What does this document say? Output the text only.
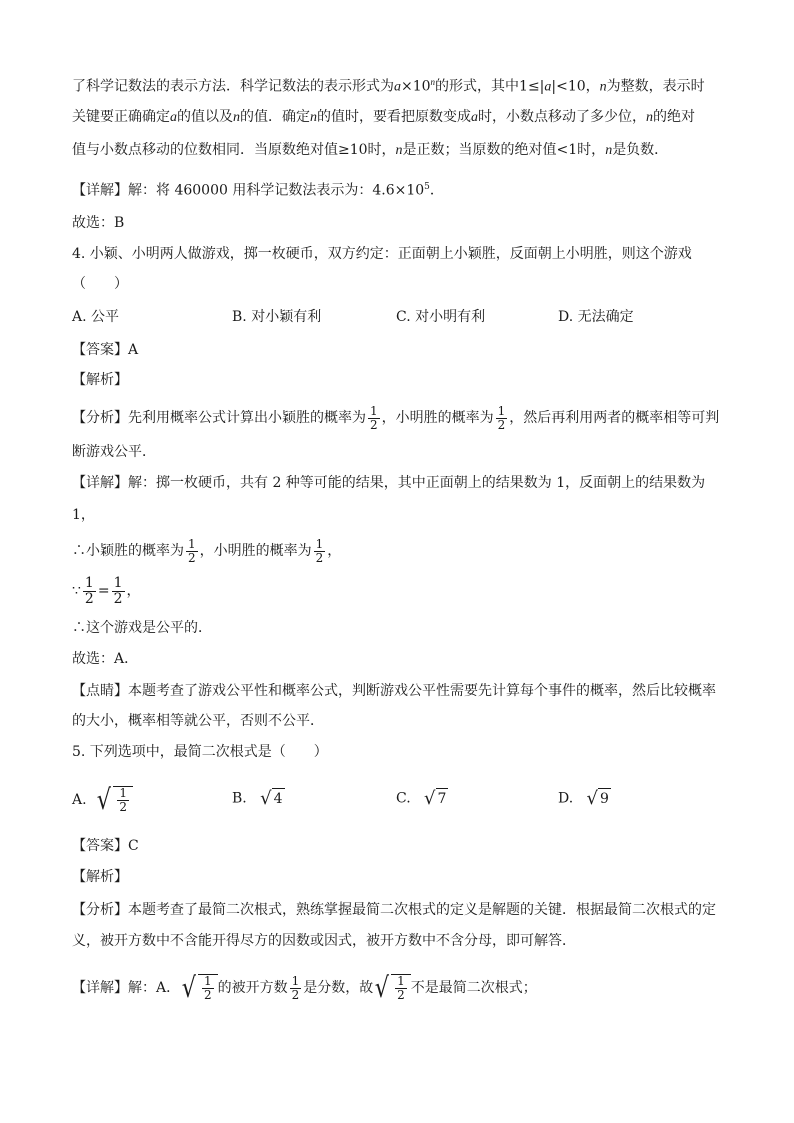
了科学记数法的表示方法．科学记数法的表示形式为$a\times 10^n$的形式，其中1≤|a|<10，n为整数，表示时
关键要正确确定a的值以及n的值．确定n的值时，要看把原数变成a时，小数点移动了多少位，n的绝对
值与小数点移动的位数相同．当原数绝对值≥10时，n是正数；当原数的绝对值<1时，n是负数．
【详解】解：将 460000 用科学记数法表示为：$4.6\times 10^5$．
故选：B
4. 小颖、小明两人做游戏，掷一枚硬币，双方约定：正面朝上小颖胜，反面朝上小明胜，则这个游戏
（　　）
A. 公平	B. 对小颖有利	C. 对小明有利	D. 无法确定
【答案】A
【解析】
【分析】 先利用概率公式计算出小颖胜的概率为 $\frac{1}{2}$ ，小明胜的概率为 $\frac{1}{2}$ ，然后再利用两者的概率相等可判
断游戏公平．
【详解】解：掷一枚硬币，共有 2 种等可能的结果，其中正面朝上的结果数为 1，反面朝上的结果数为
1，
∴小颖胜的概率为 $\frac{1}{2}$ ，小明胜的概率为 $\frac{1}{2}$ ，
∵ $\frac{1}{2} = \frac{1}{2}$ ，
∴这个游戏是公平的．
故选：A．
【点睛】本题考查了游戏公平性和概率公式，判断游戏公平性需要先计算每个事件的概率，然后比较概率
的大小，概率相等就公平，否则不公平．
5. 下列选项中，最简二次根式是（　　）
A.
√ $\frac{1}{2}$	B. √ 4	C. √ 7	D. √ 9
【答案】C
【解析】
【分析】本题考查了最简二次根式，熟练掌握最简二次根式的定义是解题的关键．根据最简二次根式的定
义，被开方数中不含能开得尽方的因数或因式，被开方数中不含分母，即可解答．
【详解】 解：A． √ $\frac{1}{2}$ 的被开方数 $\frac{1}{2}$ 是分数，故 √ $\frac{1}{2}$ 不是最简二次根式；
